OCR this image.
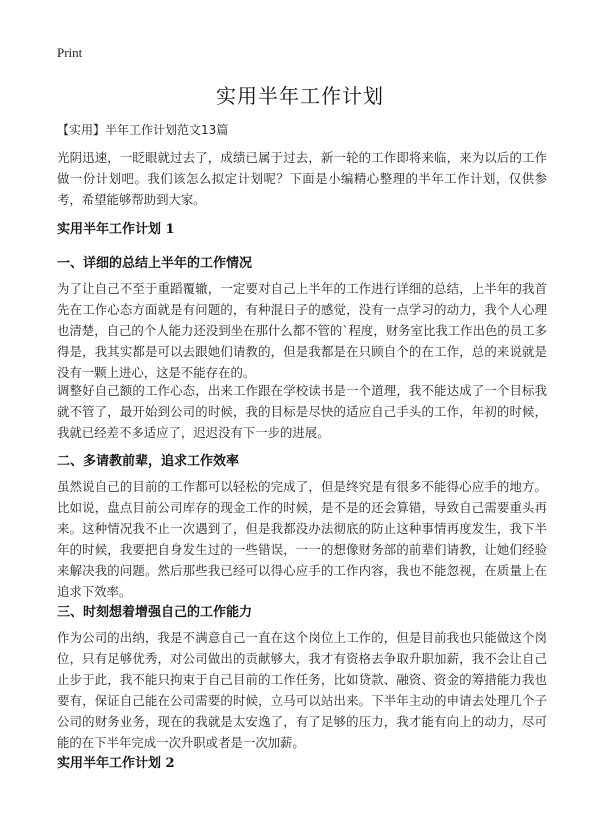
Print
实用半年工作计划
【实用】半年工作计划范文13篇

光阴迅速，一眨眼就过去了，成绩已属于过去，新一轮的工作即将来临，来为以后的工作做一份计划吧。我们该怎么拟定计划呢？下面是小编精心整理的半年工作计划，仅供参考，希望能够帮助到大家。

实用半年工作计划 1
一、详细的总结上半年的工作情况

为了让自己不至于重蹈覆辙，一定要对自己上半年的工作进行详细的总结，上半年的我首先在工作心态方面就是有问题的，有种混日子的感觉，没有一点学习的动力，我个人心理也清楚，自己的个人能力还没到坐在那什么都不管的`程度，财务室比我工作出色的员工多得是，我其实都是可以去跟她们请教的，但是我都是在只顾自个的在工作，总的来说就是没有一颗上进心，这是不能存在的。

调整好自己额的工作心态，出来工作跟在学校读书是一个道理，我不能达成了一个目标我就不管了，最开始到公司的时候，我的目标是尽快的适应自己手头的工作，年初的时候，我就已经差不多适应了，迟迟没有下一步的进展。

二、多请教前辈，追求工作效率

虽然说自己的目前的工作都可以轻松的完成了，但是终究是有很多不能得心应手的地方。比如说，盘点目前公司库存的现金工作的时候，是不是的还会算错，导致自己需要重头再来。这种情况我不止一次遇到了，但是我都没办法彻底的防止这种事情再度发生，我下半年的时候，我要把自身发生过的一些错误，一一的想像财务部的前辈们请教，让她们经验来解决我的问题。然后那些我已经可以得心应手的工作内容，我也不能忽视，在质量上在追求下效率。

三、时刻想着增强自己的工作能力

作为公司的出纳，我是不满意自己一直在这个岗位上工作的，但是目前我也只能做这个岗位，只有足够优秀，对公司做出的贡献够大，我才有资格去争取升职加薪，我不会让自己止步于此，我不能只拘束于自己目前的工作任务，比如贷款、融资、资金的筹措能力我也要有，保证自己能在公司需要的时候，立马可以站出来。下半年主动的申请去处理几个子公司的财务业务，现在的我就是太安逸了，有了足够的压力，我才能有向上的动力，尽可能的在下半年完成一次升职或者是一次加薪。

实用半年工作计划 2
